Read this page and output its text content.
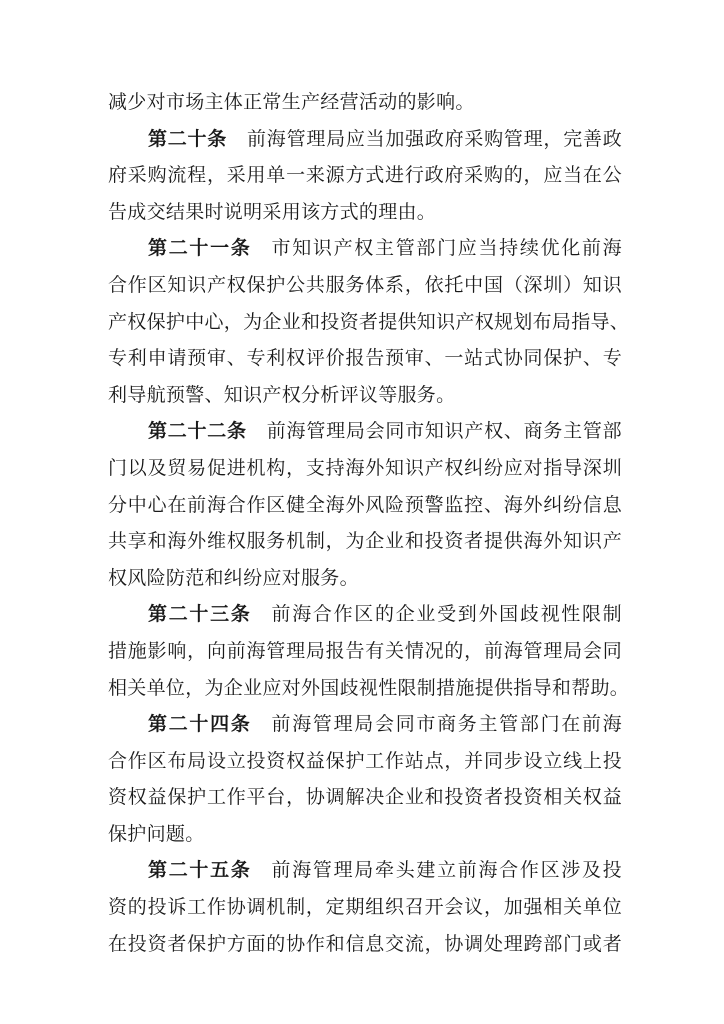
减少对市场主体正常生产经营活动的影响。
第二十条 前海管理局应当加强政府采购管理，完善政
府采购流程，采用单一来源方式进行政府采购的，应当在公
告成交结果时说明采用该方式的理由。
第二十一条 市知识产权主管部门应当持续优化前海
合作区知识产权保护公共服务体系，依托中国（深圳）知识
产权保护中心，为企业和投资者提供知识产权规划布局指导、
专利申请预审、专利权评价报告预审、一站式协同保护、专
利导航预警、知识产权分析评议等服务。
第二十二条 前海管理局会同市知识产权、商务主管部
门以及贸易促进机构，支持海外知识产权纠纷应对指导深圳
分中心在前海合作区健全海外风险预警监控、海外纠纷信息
共享和海外维权服务机制，为企业和投资者提供海外知识产
权风险防范和纠纷应对服务。
第二十三条 前海合作区的企业受到外国歧视性限制
措施影响，向前海管理局报告有关情况的，前海管理局会同
相关单位，为企业应对外国歧视性限制措施提供指导和帮助。
第二十四条 前海管理局会同市商务主管部门在前海
合作区布局设立投资权益保护工作站点，并同步设立线上投
资权益保护工作平台，协调解决企业和投资者投资相关权益
保护问题。
第二十五条 前海管理局牵头建立前海合作区涉及投
资的投诉工作协调机制，定期组织召开会议，加强相关单位
在投资者保护方面的协作和信息交流，协调处理跨部门或者
